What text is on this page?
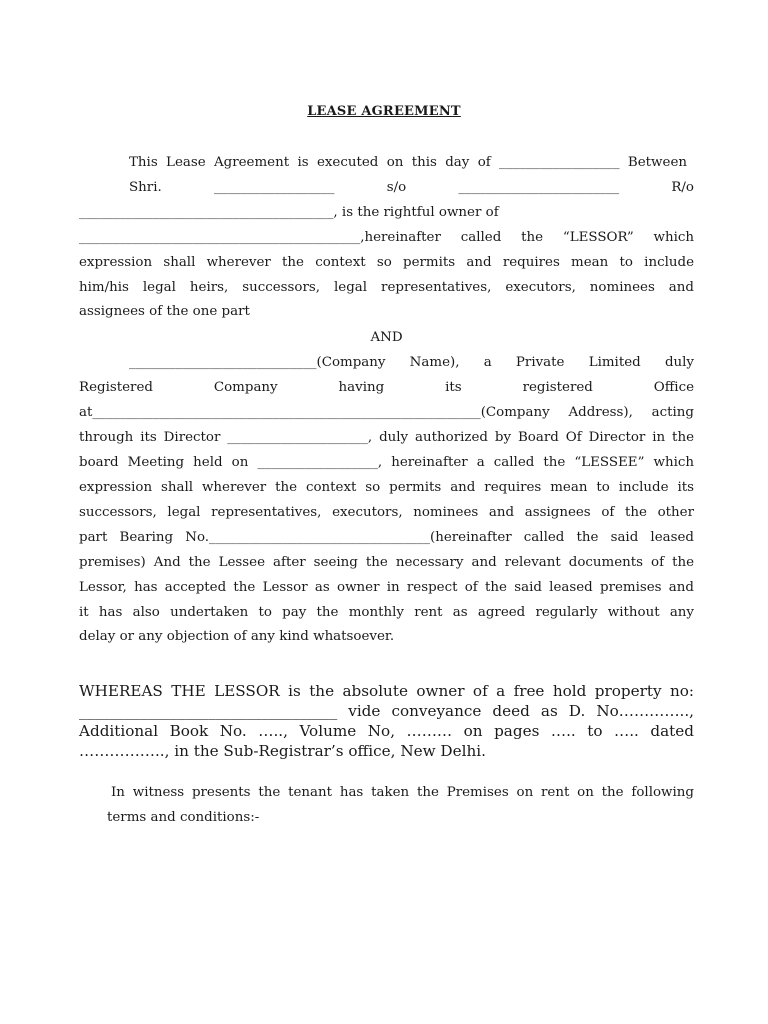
LEASE AGREEMENT
This Lease Agreement is executed on this day of __________________ Between
Shri. __________________ s/o ________________________ R/o
______________________________________, is the rightful owner of
__________________________________________,hereinafter called the “LESSOR” which
expression shall wherever the context so permits and requires mean to include
him/his legal heirs, successors, legal representatives, executors, nominees and
assignees of the one part
AND
____________________________(Company Name), a Private Limited duly
Registered Company having its registered Office
at__________________________________________________________(Company Address), acting
through its Director _____________________, duly authorized by Board Of Director in the
board Meeting held on __________________, hereinafter a called the “LESSEE” which
expression shall wherever the context so permits and requires mean to include its
successors, legal representatives, executors, nominees and assignees of the other
part Bearing No._________________________________(hereinafter called the said leased
premises) And the Lessee after seeing the necessary and relevant documents of the
Lessor, has accepted the Lessor as owner in respect of the said leased premises and
it has also undertaken to pay the monthly rent as agreed regularly without any
delay or any objection of any kind whatsoever.
WHEREAS THE LESSOR is the absolute owner of a free hold property no:
__________________________________ vide conveyance deed as D. No…………..,
Additional Book No. ….., Volume No, ……… on pages ….. to ….. dated
…………….., in the Sub-Registrar’s office, New Delhi.
In witness presents the tenant has taken the Premises on rent on the following
terms and conditions:-
